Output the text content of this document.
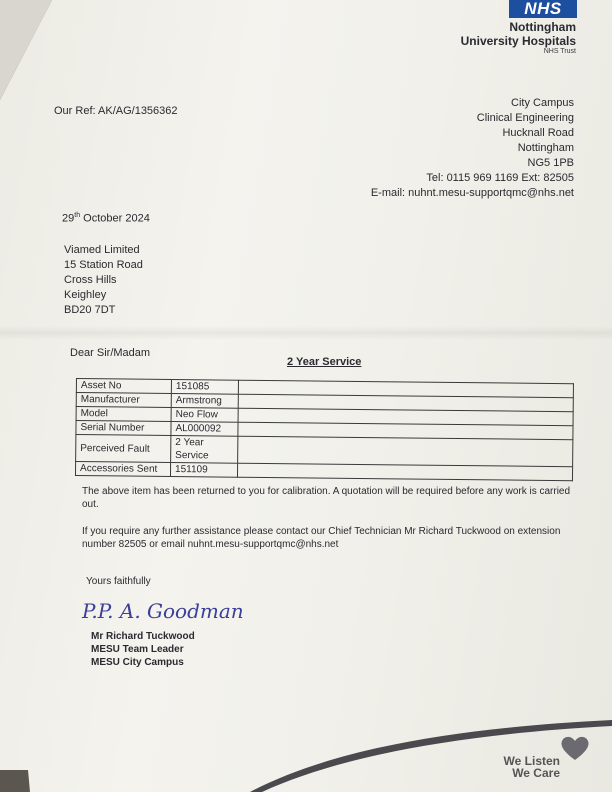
NHS
Nottingham
University Hospitals
NHS Trust
Our Ref: AK/AG/1356362
City Campus
Clinical Engineering
Hucknall Road
Nottingham
NG5 1PB
Tel: 0115 969 1169 Ext: 82505
E-mail: nuhnt.mesu-supportqmc@nhs.net
29th October 2024
Viamed Limited
15 Station Road
Cross Hills
Keighley
BD20 7DT
Dear Sir/Madam
2 Year Service
Asset No	151085	
Manufacturer	Armstrong	
Model	Neo Flow	
Serial Number	AL000092	
Perceived Fault	2 Year Service	
Accessories Sent	151109	
The above item has been returned to you for calibration. A quotation will be required before any work is carried out.
If you require any further assistance please contact our Chief Technician Mr Richard Tuckwood on extension number 82505 or email nuhnt.mesu-supportqmc@nhs.net
Yours faithfully
P.P. A. Goodman
Mr Richard Tuckwood
MESU Team Leader
MESU City Campus
We Listen
We Care
